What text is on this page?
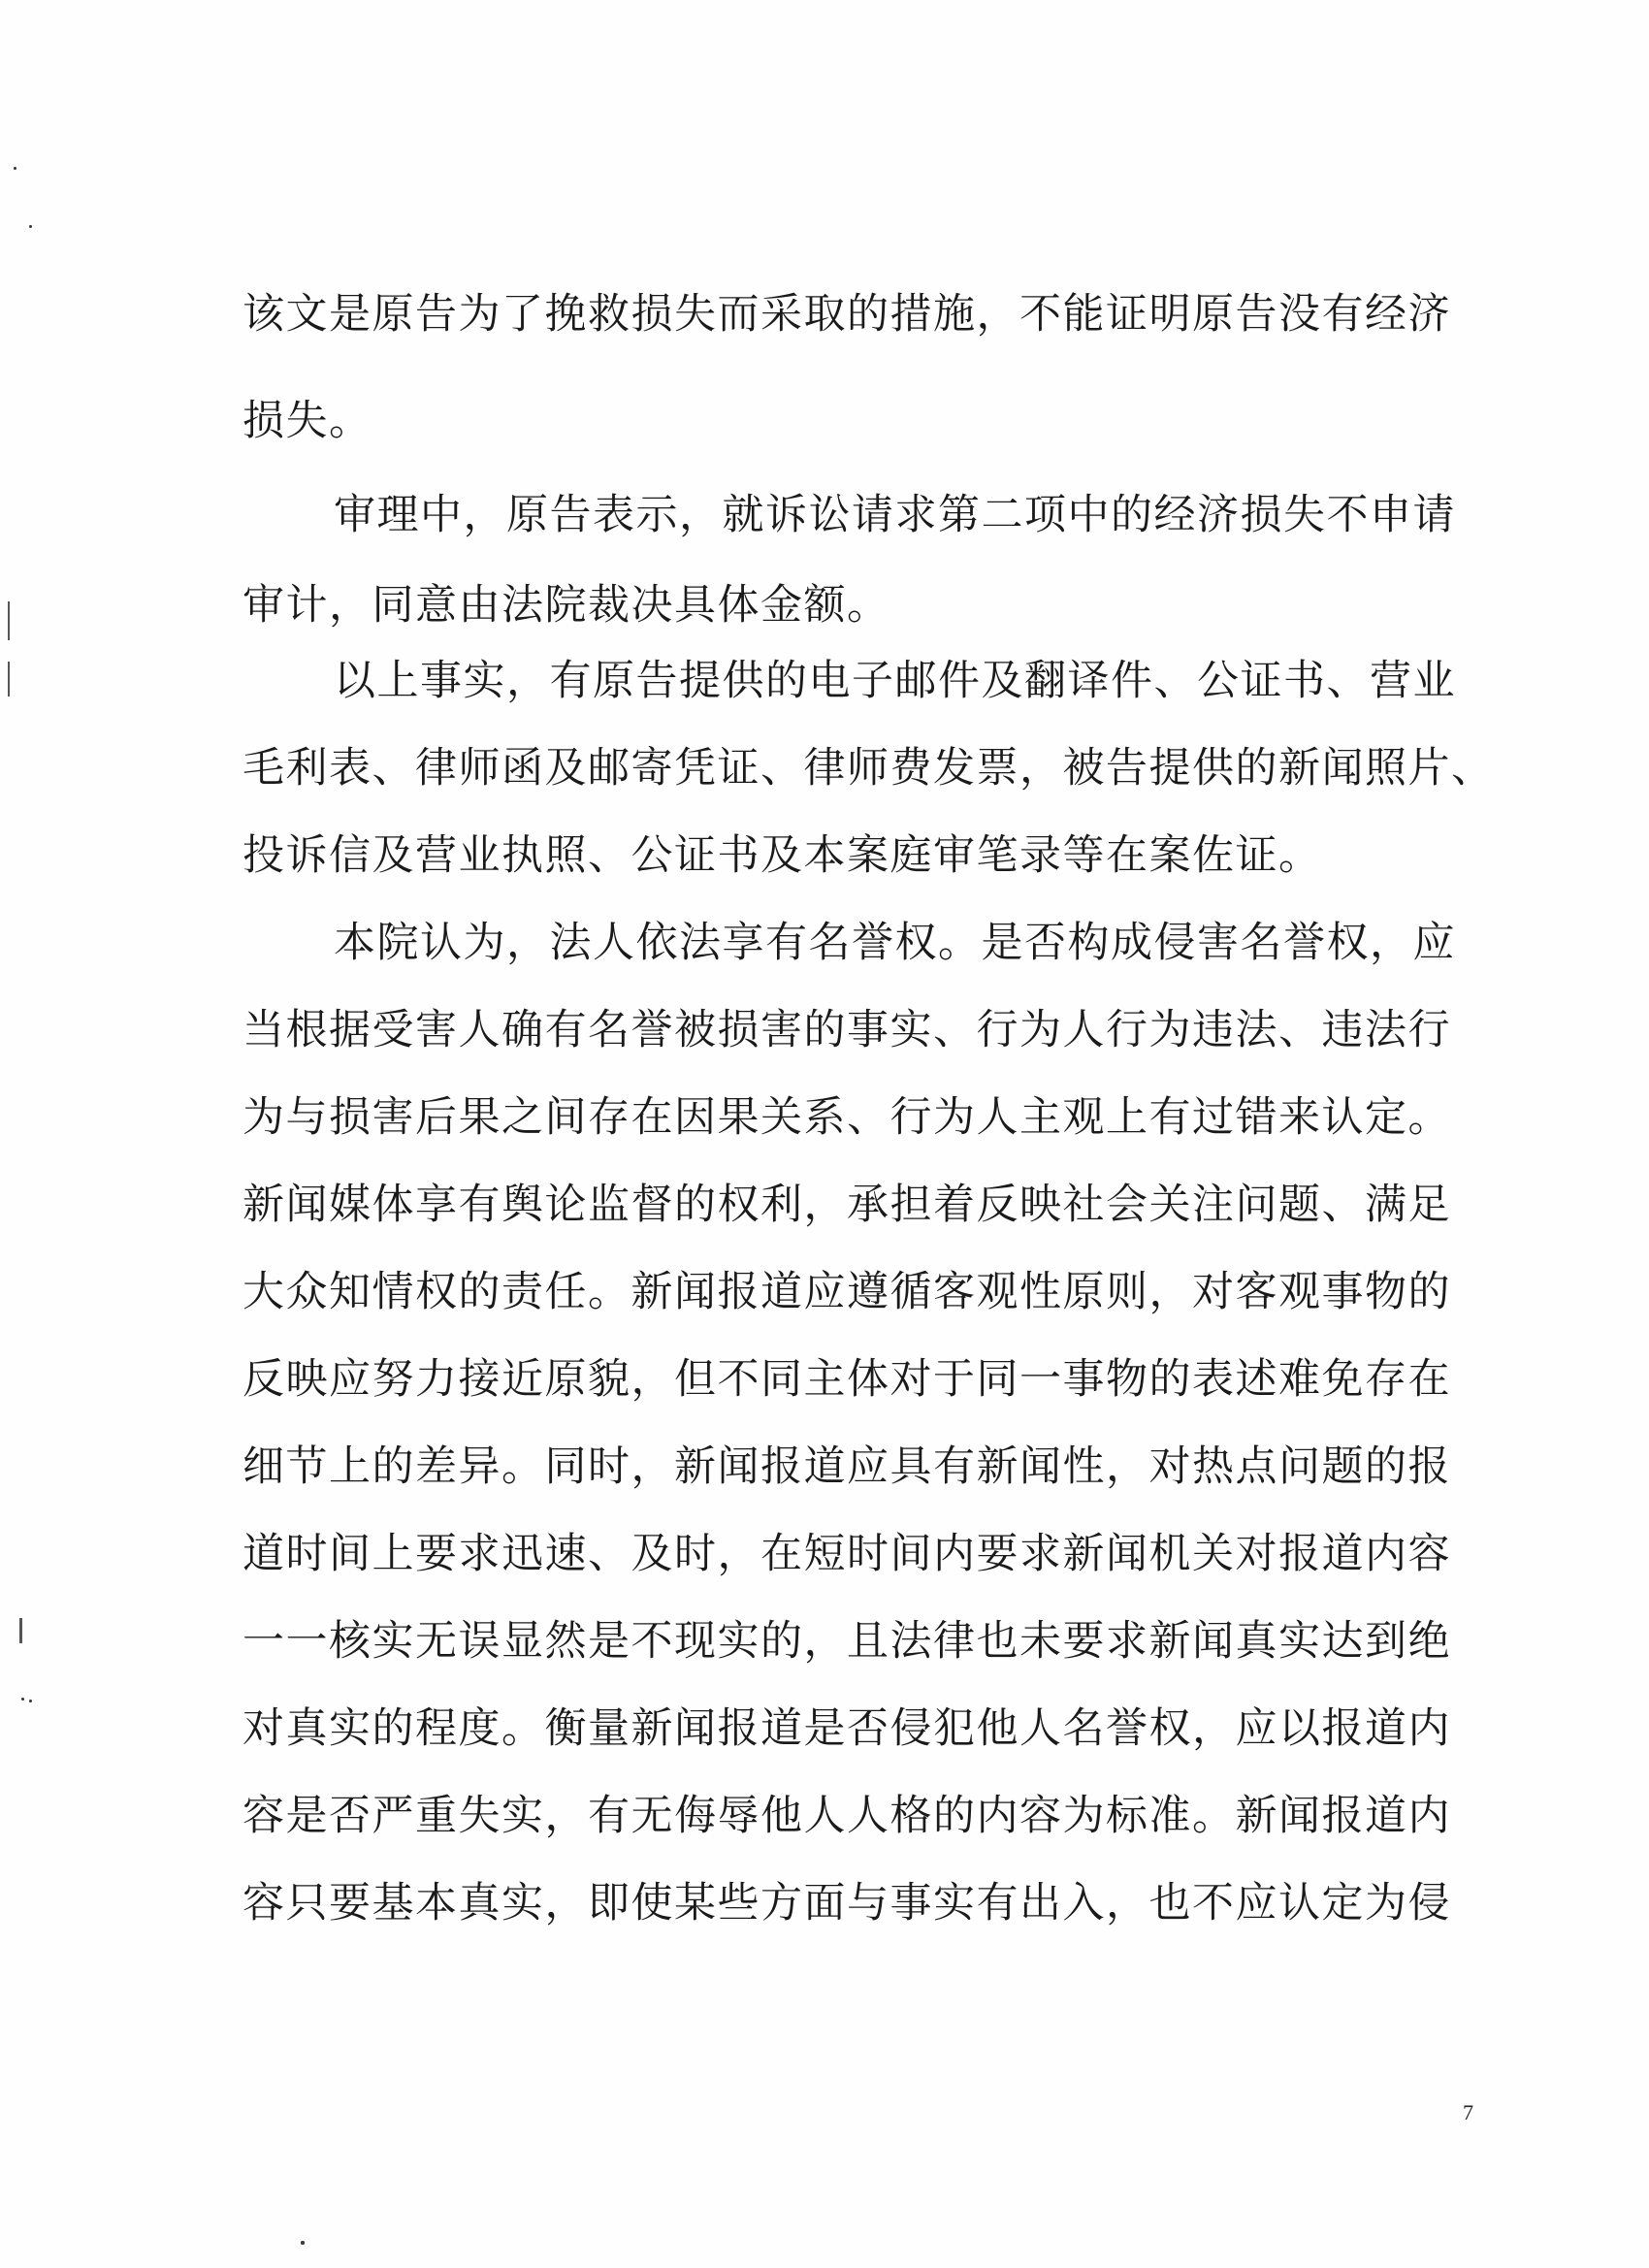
该文是原告为了挽救损失而采取的措施，不能证明原告没有经济
损失。
审理中，原告表示，就诉讼请求第二项中的经济损失不申请
审计，同意由法院裁决具体金额。
以上事实，有原告提供的电子邮件及翻译件、公证书、营业
毛利表、律师函及邮寄凭证、律师费发票，被告提供的新闻照片、
投诉信及营业执照、公证书及本案庭审笔录等在案佐证。
本院认为，法人依法享有名誉权。是否构成侵害名誉权，应
当根据受害人确有名誉被损害的事实、行为人行为违法、违法行
为与损害后果之间存在因果关系、行为人主观上有过错来认定。
新闻媒体享有舆论监督的权利，承担着反映社会关注问题、满足
大众知情权的责任。新闻报道应遵循客观性原则，对客观事物的
反映应努力接近原貌，但不同主体对于同一事物的表述难免存在
细节上的差异。同时，新闻报道应具有新闻性，对热点问题的报
道时间上要求迅速、及时，在短时间内要求新闻机关对报道内容
一一核实无误显然是不现实的，且法律也未要求新闻真实达到绝
对真实的程度。衡量新闻报道是否侵犯他人名誉权，应以报道内
容是否严重失实，有无侮辱他人人格的内容为标准。新闻报道内
容只要基本真实，即使某些方面与事实有出入，也不应认定为侵
7
